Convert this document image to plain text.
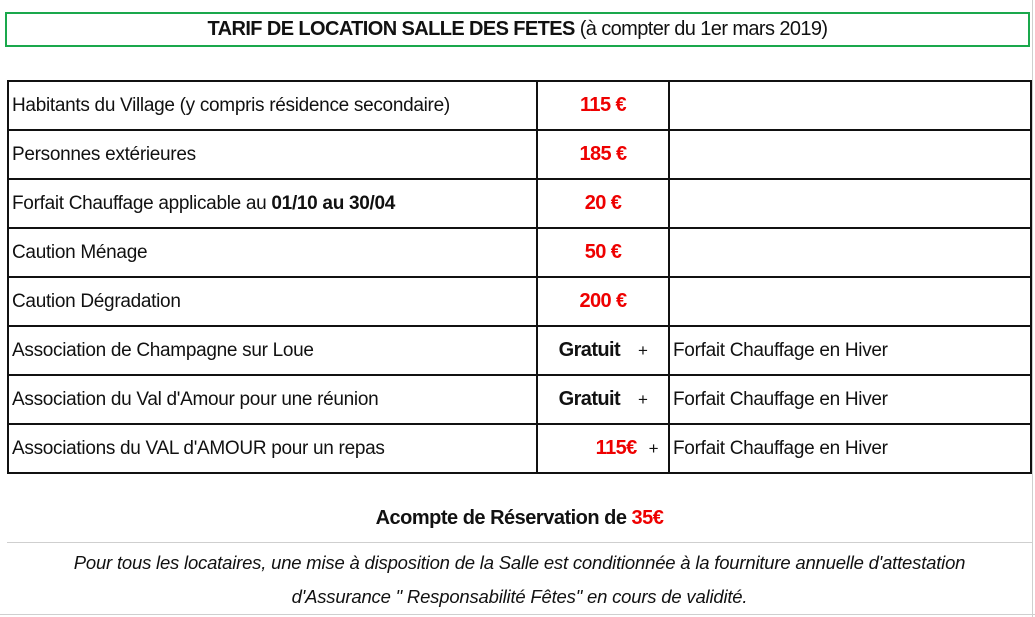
TARIF DE LOCATION SALLE DES FETES (à compter du 1er mars 2019)
Habitants du Village (y compris résidence secondaire)	115 €	
Personnes extérieures	185 €	
Forfait Chauffage applicable au 01/10 au 30/04	20 €	
Caution Ménage	50 €	
Caution Dégradation	200 €	
Association de Champagne sur Loue	Gratuit +	Forfait Chauffage en Hiver
Association du Val d'Amour pour une réunion	Gratuit +	Forfait Chauffage en Hiver
Associations du VAL d'AMOUR pour un repas	115€ +	Forfait Chauffage en Hiver
Acompte de Réservation de 35€
Pour tous les locataires, une mise à disposition de la Salle est conditionnée à la fourniture annuelle d'attestation
d'Assurance " Responsabilité Fêtes" en cours de validité.
